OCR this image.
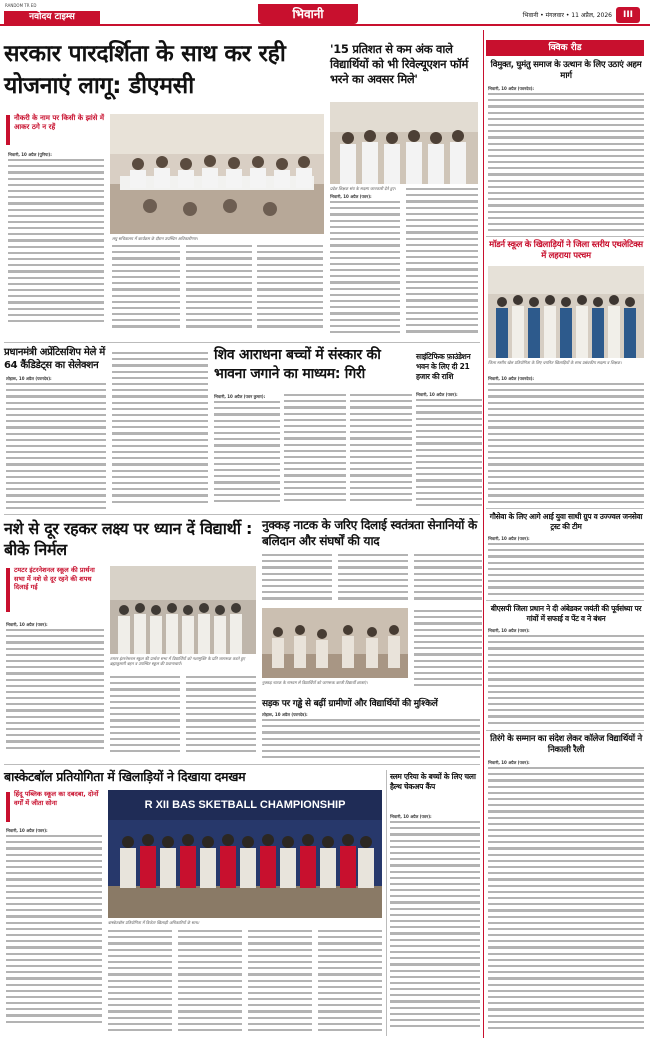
RANDOM TR ED
नवोदय टाइम्स	भिवानी	भिवानी • मंगलवार • 11 अप्रैल, 2026	III
सरकार पारदर्शिता के साथ कर रही योजनाएं लागू: डीएमसी
नौकरी के नाम पर किसी के झांसे में आकर ठगे न रहें
भिवानी, 10 अप्रैल (पुनिया):
लघु सचिवालय में कार्यक्रम के दौरान उपस्थित अधिकारीगण।
'15 प्रतिशत से कम अंक वाले विद्यार्थियों को भी रिवेल्यूएशन फॉर्म भरने का अवसर मिले'
प्रदेश शिक्षक संघ के सदस्य जानकारी देते हुए।
भिवानी, 10 अप्रैल (पवन):
प्रधानमंत्री अप्रेंटिसशिप मेले में 64 कैंडिडेट्स का सेलेक्शन
लोहारू, 10 अप्रैल (पवनदेव):
शिव आराधना बच्चों में संस्कार की भावना जगाने का माध्यम: गिरी
भिवानी, 10 अप्रैल (पवन कुमार):
साइंटिफिक फ़ाउंडेशन भवन के लिए दी 21 हजार की राशि
भिवानी, 10 अप्रैल (पवन):
नशे से दूर रहकर लक्ष्य पर ध्यान दें विद्यार्थी : बीके निर्मल
टमटर इंटरनेशनल स्कूल की प्रार्थना सभा में नशे से दूर रहने की शपथ दिलाई गई
भिवानी, 10 अप्रैल (पवन):
टमटर इंटरनेशनल स्कूल की प्रार्थना सभा में विद्यार्थियों को नशामुक्ति के प्रति जागरूक करते हुए ब्रह्माकुमारी बहन व उपस्थित स्कूल की प्रधानाचार्य।
नुक्कड़ नाटक के जरिए दिलाई स्वतंत्रता सेनानियों के बलिदान और संघर्षों की याद
नुक्कड़ नाटक के माध्यम से विद्यार्थियों को जागरूक करती विद्यार्थी छात्राएं।
सड़क पर गड्ढे से बढ़ीं ग्रामीणों और विद्यार्थियों की मुश्किलें
लोहारू, 10 अप्रैल (पवनदेव):
बास्केटबॉल प्रतियोगिता में खिलाड़ियों ने दिखाया दमखम
हिंदू पब्लिक स्कूल का दबदबा, दोनों वर्गों में जीता सोना
भिवानी, 10 अप्रैल (पवन):
R XII BAS SKETBALL CHAMPIONSHIP
बास्केटबॉल प्रतियोगिता में विजेता खिलाड़ी अधिकारियों के साथ।
स्लम एरिया के बच्चों के लिए चला हैल्थ चेकअप कैंप
भिवानी, 10 अप्रैल (पवन):
क्विक रीड
विमुक्त, घुमंतु समाज के उत्थान के लिए उठाएं अहम मार्ग
भिवानी, 10 अप्रैल (पवनदेव):
मॉडर्न स्कूल के खिलाड़ियों ने जिला स्तरीय एथलेटिक्स में लहराया परचम
जिला स्तरीय खेल प्रतियोगिता के लिए चयनित खिलाड़ियों के साथ प्रबंधकीय सदस्य व शिक्षक।
भिवानी, 10 अप्रैल (पवनदेव):
गौसेवा के लिए आगे आई युवा साथी ग्रुप व उज्ज्वल जनसेवा ट्रस्ट की टीम
भिवानी, 10 अप्रैल (पवन):
बीएसपी जिला प्रधान ने दी अंबेडकर जयंती की पूर्वसंध्या पर गांवों में सफाई व पेंट व ने बंधन
भिवानी, 10 अप्रैल (पवन):
तिरंगे के सम्मान का संदेश लेकर कॉलेज विद्यार्थियों ने निकाली रैली
भिवानी, 10 अप्रैल (पवन):
